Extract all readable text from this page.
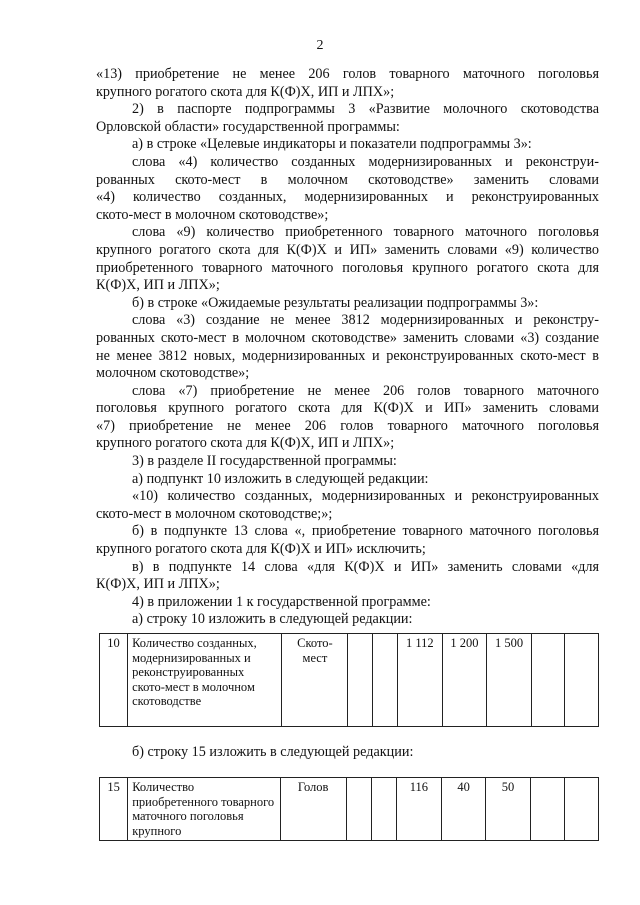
2
«13) приобретение не менее 206 голов товарного маточного поголовья
крупного рогатого скота для К(Ф)Х, ИП и ЛПХ»;
2) в паспорте подпрограммы 3 «Развитие молочного скотоводства
Орловской области» государственной программы:
а) в строке «Целевые индикаторы и показатели подпрограммы 3»:
слова «4) количество созданных модернизированных и реконструи-
рованных ското-мест в молочном скотоводстве» заменить словами
«4) количество созданных, модернизированных и реконструированных
ското-мест в молочном скотоводстве»;
слова «9) количество приобретенного товарного маточного поголовья
крупного рогатого скота для К(Ф)Х и ИП» заменить словами «9) количество
приобретенного товарного маточного поголовья крупного рогатого скота для
К(Ф)Х, ИП и ЛПХ»;
б) в строке «Ожидаемые результаты реализации подпрограммы 3»:
слова «3) создание не менее 3812 модернизированных и реконстру-
рованных ското-мест в молочном скотоводстве» заменить словами «3) создание
не менее 3812 новых, модернизированных и реконструированных ското-мест в
молочном скотоводстве»;
слова «7) приобретение не менее 206 голов товарного маточного
поголовья крупного рогатого скота для К(Ф)Х и ИП» заменить словами
«7) приобретение не менее 206 голов товарного маточного поголовья
крупного рогатого скота для К(Ф)Х, ИП и ЛПХ»;
3) в разделе II государственной программы:
а) подпункт 10 изложить в следующей редакции:
«10) количество созданных, модернизированных и реконструированных
ското-мест в молочном скотоводстве;»;
б) в подпункте 13 слова «, приобретение товарного маточного поголовья
крупного рогатого скота для К(Ф)Х и ИП» исключить;
в) в подпункте 14 слова «для К(Ф)Х и ИП» заменить словами «для
К(Ф)Х, ИП и ЛПХ»;
4) в приложении 1 к государственной программе:
а) строку 10 изложить в следующей редакции:
10	Количество созданных, модернизированных и реконструированных ското-мест в молочном скотоводстве	Ското-мест			1 112	1 200	1 500		
б) строку 15 изложить в следующей редакции:
15	Количество приобретенного товарного маточного поголовья крупного	Голов			116	40	50		
